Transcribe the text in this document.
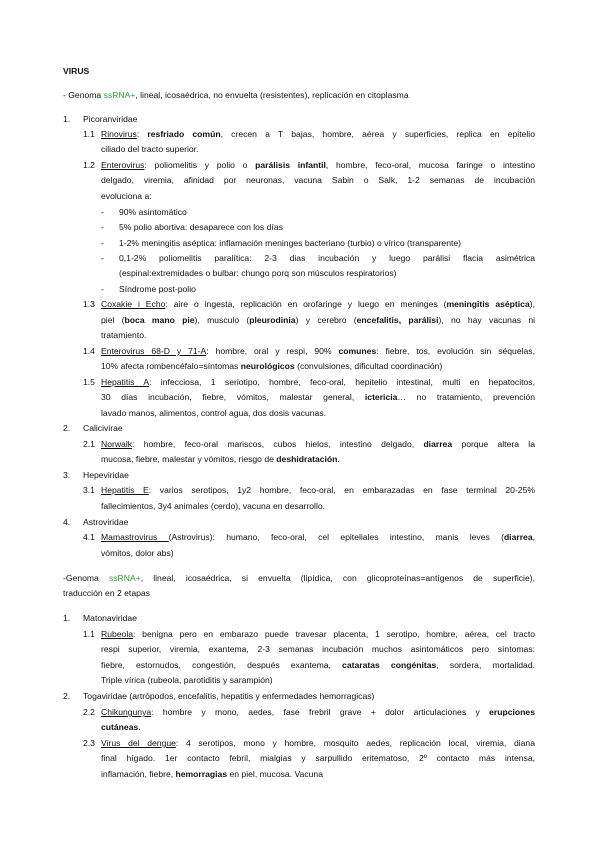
VIRUS
- Genoma ssRNA+, lineal, icosaédrica, no envuelta (resistentes), replicación en citoplasma
1. Picoranviridae
1.1 Rinovirus: resfriado común, crecen a T bajas, hombre, aérea y superficies, replica en epitelio
ciliado del tracto superior.
1.2 Enterovirus: poliomelitis y polio o parálisis infantil, hombre, feco-oral, mucosa faringe o intestino
delgado, viremia, afinidad por neuronas, vacuna Sabin o Salk, 1-2 semanas de incubación
evoluciona a:
- 90% asintomático
- 5% polio abortiva: desaparece con los días
- 1-2% meningitis aséptica: inflamación meninges bacteriano (turbio) o vírico (transparente)
- 0,1-2% poliomelitis paralítica: 2-3 dias incubación y luego parálisi flacia asimétrica
(espinal:extremidades o bulbar: chungo porq son músculos respiratorios)
- Síndrome post-polio
1.3 Coxakie i Echo: aire o ingesta, replicación en orofaringe y luego en meninges (meningitis aséptica),
piel (boca mano pie), musculo (pleurodinia) y cerebro (encefalitis, parálisi), no hay vacunas ni
tratamiento.
1.4 Enterovirus 68-D y 71-A: hombre, oral y respi, 90% comunes: fiebre, tos, evolución sin séquelas,
10% afecta rombencéfalo=síntomas neurológicos (convulsiones, dificultad coordinación)
1.5 Hepatitis A: infecciosa, 1 seriotipo, hombre, feco-oral, hepitelio intestinal, multi en hepatocitos,
30 días incubación, fiebre, vómitos, malestar general, ictericia… no tratamiento, prevención
lavado manos, alimentos, control agua, dos dosis vacunas.
2. Calicivirae
2.1 Norwalk: hombre, feco-oral mariscos, cubos hielos, intestino delgado, diarrea porque altera la
mucosa, fiebre, malestar y vómitos, riesgo de deshidratación.
3. Hepeviridae
3.1 Hepatitis E: varios serotipos, 1y2 hombre, feco-oral, en embarazadas en fase terminal 20-25%
fallecimientos, 3y4 animales (cerdo), vacuna en desarrollo.
4. Astroviridae
4.1 Mamastrovirus (Astrovirus): humano, feco-oral, cel epiteliales intestino, manis leves (diarrea,
vómitos, dolor abs)
-Genoma ssRNA+, lineal, icosaédrica, si envuelta (lipídica, con glicoproteínas=antígenos de superficie),
traducción en 2 etapas
1. Matonaviridae
1.1 Rubeola: benigna pero en embarazo puede travesar placenta, 1 serotipo, hombre, aérea, cel tracto
respi superior, viremia, exantema, 2-3 semanas incubación muchos asintomáticos pero síntomas:
fiebre, estornudos, congestión, después exantema, cataratas congénitas, sordera, mortalidad.
Triple vírica (rubeola, parotiditis y sarampión)
2. Togaviridae (artrópodos, encefalitis, hepatitis y enfermedades hemorragicas)
2.2 Chikungunya: hombre y mono, aedes, fase frebril grave + dolor articulaciones y erupciones
cutáneas.
2.3 Virus del dengue: 4 serotipos, mono y hombre, mosquito aedes, replicación local, viremia, diana
final hígado. 1er contacto febril, mialgias y sarpullido eritematoso, 2º contacto más intensa,
inflamación, fiebre, hemorragias en piel, mucosa. Vacuna
